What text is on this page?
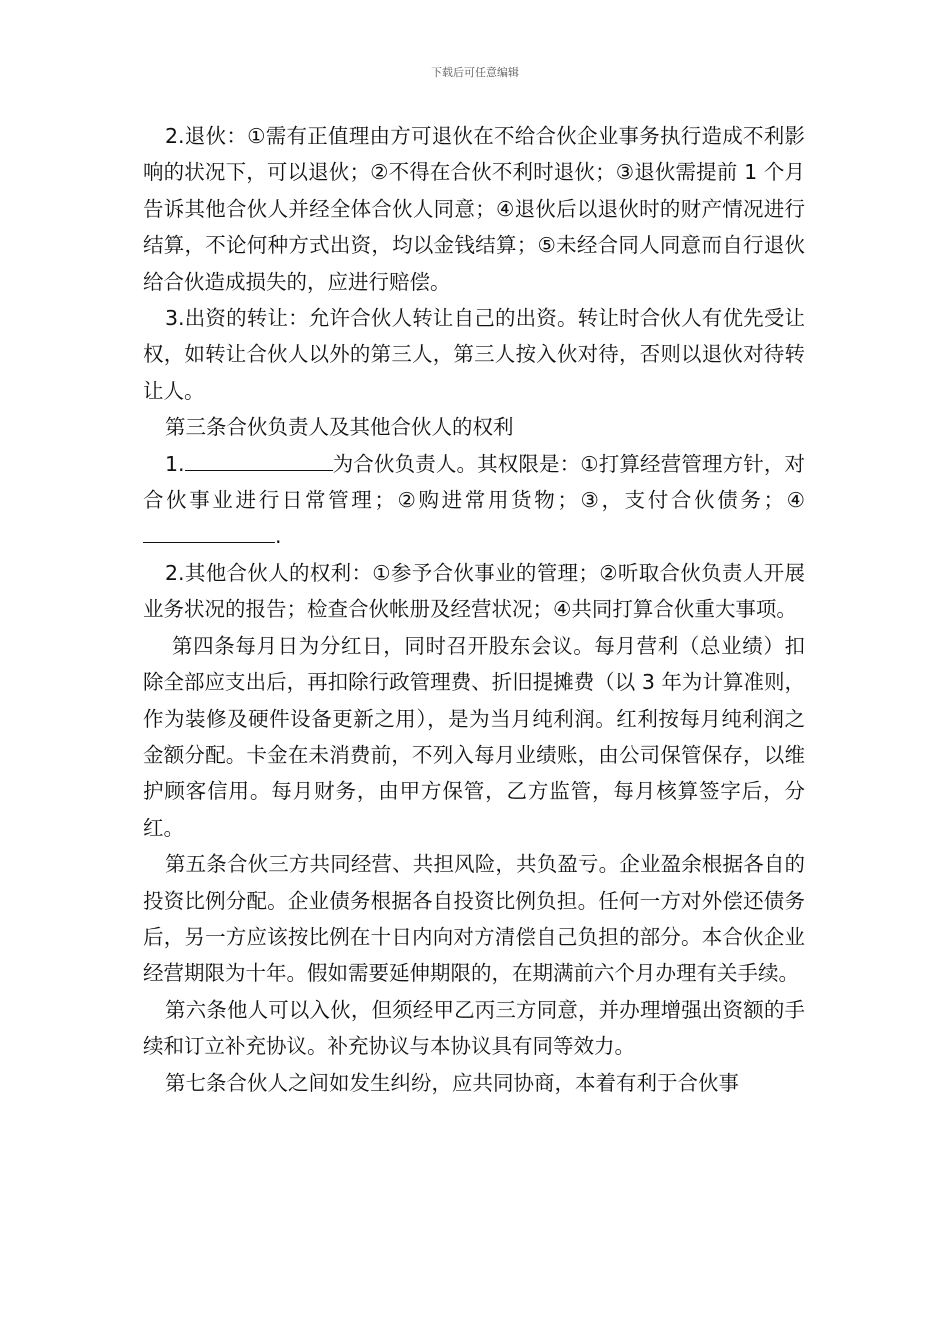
下载后可任意编辑

2.退伙：①需有正值理由方可退伙在不给合伙企业事务执行造成不利影响的状况下，可以退伙；②不得在合伙不利时退伙；③退伙需提前 1 个月告诉其他合伙人并经全体合伙人同意；④退伙后以退伙时的财产情况进行结算，不论何种方式出资，均以金钱结算；⑤未经合同人同意而自行退伙给合伙造成损失的，应进行赔偿。

3.出资的转让：允许合伙人转让自己的出资。转让时合伙人有优先受让权，如转让合伙人以外的第三人，第三人按入伙对待，否则以退伙对待转让人。

第三条合伙负责人及其他合伙人的权利

1.	为合伙负责人。其权限是：①打算经营管理方针，对合伙事业进行日常管理；②购进常用货物；③，支付合伙债务；④.

2.其他合伙人的权利：①参予合伙事业的管理；②听取合伙负责人开展业务状况的报告；检查合伙帐册及经营状况；④共同打算合伙重大事项。

第四条每月日为分红日，同时召开股东会议。每月营利（总业绩）扣除全部应支出后，再扣除行政管理费、折旧提摊费（以 3 年为计算准则，作为装修及硬件设备更新之用），是为当月纯利润。红利按每月纯利润之金额分配。卡金在未消费前，不列入每月业绩账，由公司保管保存，以维护顾客信用。每月财务，由甲方保管，乙方监管，每月核算签字后，分红。

第五条合伙三方共同经营、共担风险，共负盈亏。企业盈余根据各自的投资比例分配。企业债务根据各自投资比例负担。任何一方对外偿还债务后，另一方应该按比例在十日内向对方清偿自己负担的部分。本合伙企业经营期限为十年。假如需要延伸期限的，在期满前六个月办理有关手续。

第六条他人可以入伙，但须经甲乙丙三方同意，并办理增强出资额的手续和订立补充协议。补充协议与本协议具有同等效力。

第七条合伙人之间如发生纠纷，应共同协商，本着有利于合伙事
